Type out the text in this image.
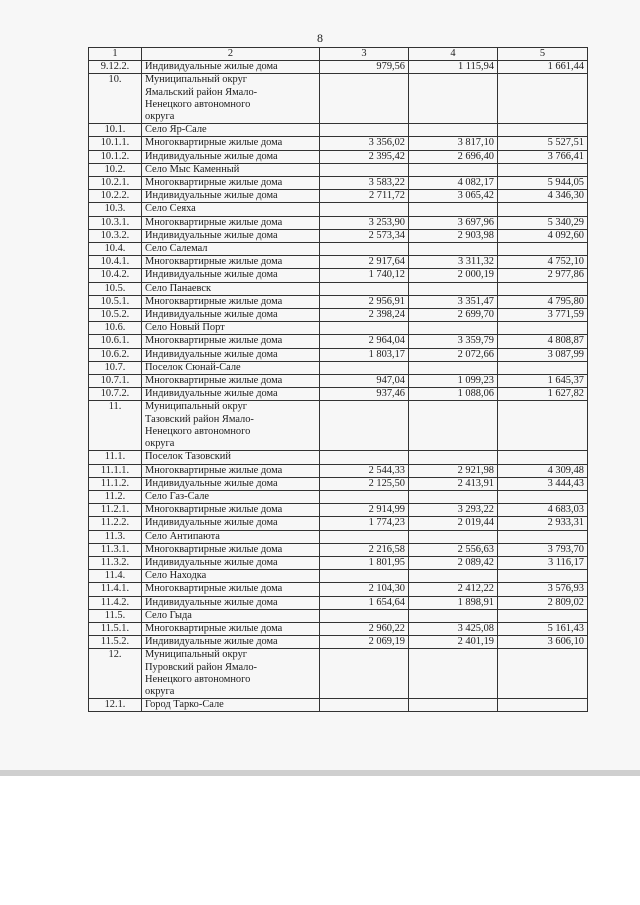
8
1	2	3	4	5
9.12.2.	Индивидуальные жилые дома	979,56	1 115,94	1 661,44
10.	Муниципальный округ
Ямальский район Ямало-
Ненецкого автономного
округа			

10.1.	Село Яр-Сале			
10.1.1.	Многоквартирные жилые дома	3 356,02	3 817,10	5 527,51
10.1.2.	Индивидуальные жилые дома	2 395,42	2 696,40	3 766,41
10.2.	Село Мыс Каменный			
10.2.1.	Многоквартирные жилые дома	3 583,22	4 082,17	5 944,05
10.2.2.	Индивидуальные жилые дома	2 711,72	3 065,42	4 346,30
10.3.	Село Сеяха			
10.3.1.	Многоквартирные жилые дома	3 253,90	3 697,96	5 340,29
10.3.2.	Индивидуальные жилые дома	2 573,34	2 903,98	4 092,60
10.4.	Село Салемал			
10.4.1.	Многоквартирные жилые дома	2 917,64	3 311,32	4 752,10
10.4.2.	Индивидуальные жилые дома	1 740,12	2 000,19	2 977,86
10.5.	Село Панаевск			
10.5.1.	Многоквартирные жилые дома	2 956,91	3 351,47	4 795,80
10.5.2.	Индивидуальные жилые дома	2 398,24	2 699,70	3 771,59
10.6.	Село Новый Порт			
10.6.1.	Многоквартирные жилые дома	2 964,04	3 359,79	4 808,87
10.6.2.	Индивидуальные жилые дома	1 803,17	2 072,66	3 087,99
10.7.	Поселок Сюнай-Сале			
10.7.1.	Многоквартирные жилые дома	947,04	1 099,23	1 645,37
10.7.2.	Индивидуальные жилые дома	937,46	1 088,06	1 627,82
11.	Муниципальный округ
Тазовский район Ямало-
Ненецкого автономного
округа			

11.1.	Поселок Тазовский			
11.1.1.	Многоквартирные жилые дома	2 544,33	2 921,98	4 309,48
11.1.2.	Индивидуальные жилые дома	2 125,50	2 413,91	3 444,43
11.2.	Село Газ-Сале			
11.2.1.	Многоквартирные жилые дома	2 914,99	3 293,22	4 683,03
11.2.2.	Индивидуальные жилые дома	1 774,23	2 019,44	2 933,31
11.3.	Село Антипаюта			
11.3.1.	Многоквартирные жилые дома	2 216,58	2 556,63	3 793,70
11.3.2.	Индивидуальные жилые дома	1 801,95	2 089,42	3 116,17
11.4.	Село Находка			
11.4.1.	Многоквартирные жилые дома	2 104,30	2 412,22	3 576,93
11.4.2.	Индивидуальные жилые дома	1 654,64	1 898,91	2 809,02
11.5.	Село Гыда			
11.5.1.	Многоквартирные жилые дома	2 960,22	3 425,08	5 161,43
11.5.2.	Индивидуальные жилые дома	2 069,19	2 401,19	3 606,10
12.	Муниципальный округ
Пуровский район Ямало-
Ненецкого автономного
округа			

12.1.	Город Тарко-Сале			
